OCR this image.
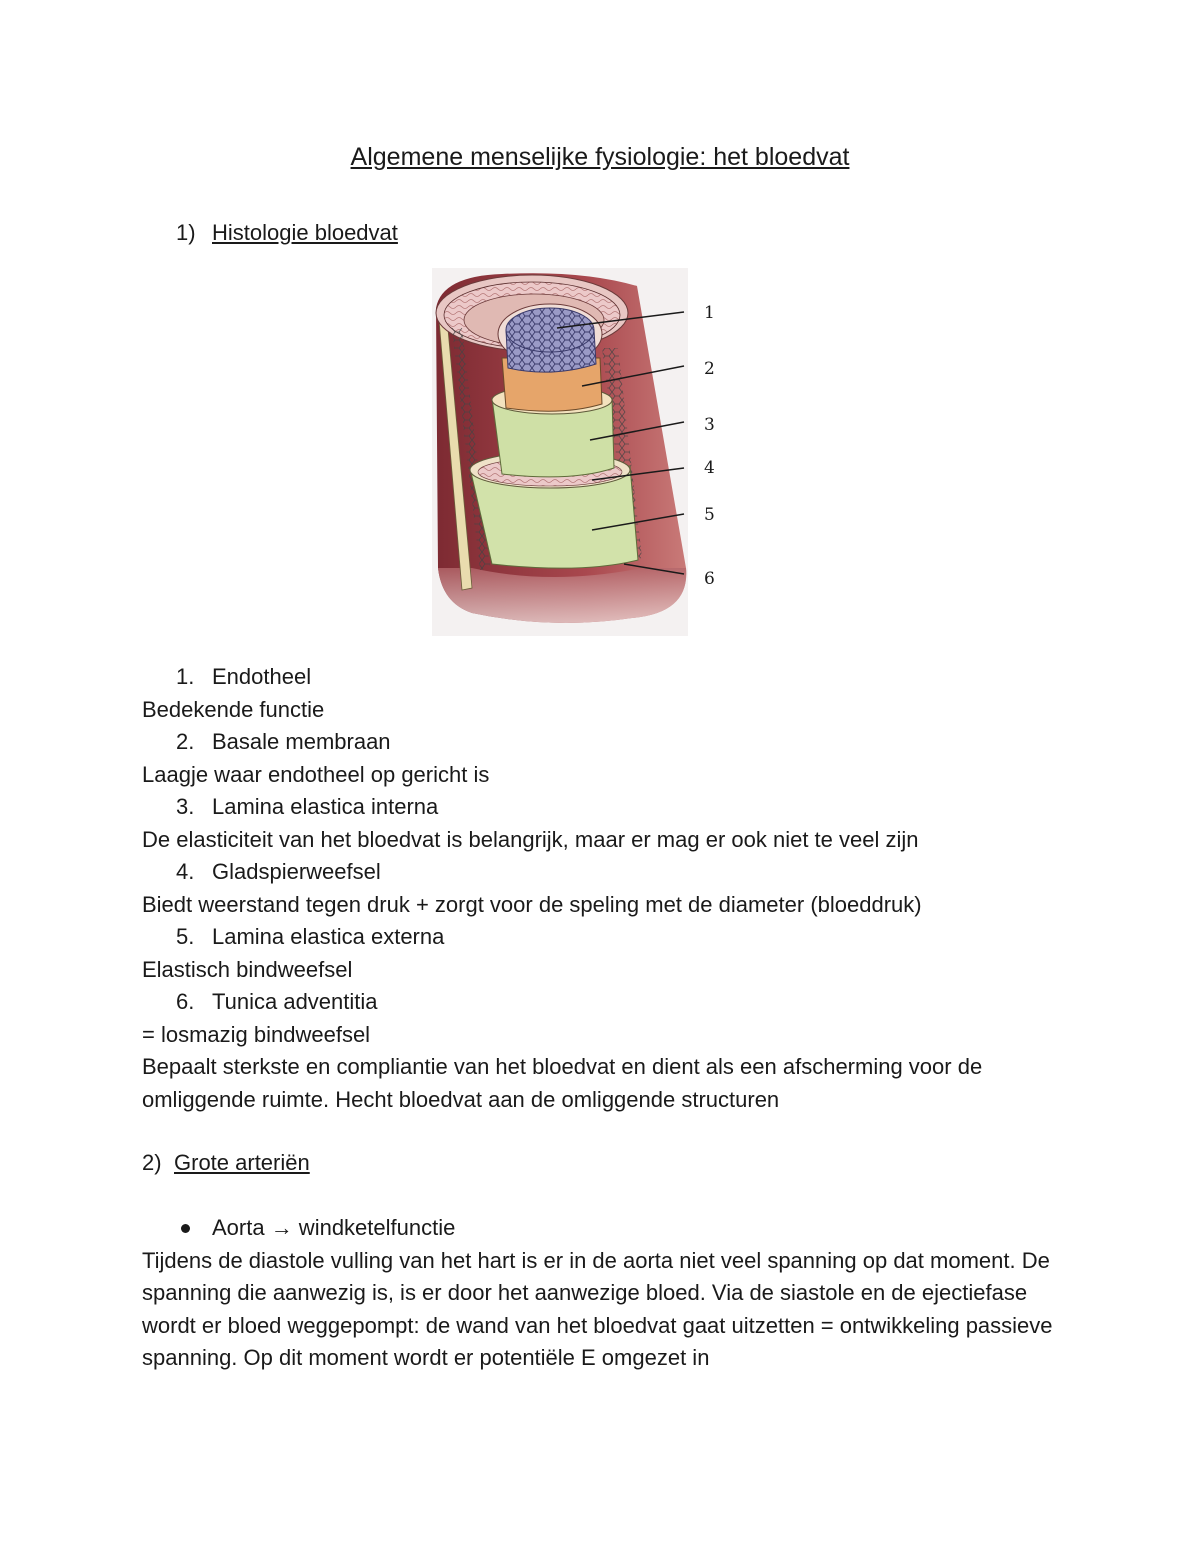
Algemene menselijke fysiologie: het bloedvat
1) Histologie bloedvat
1
2
3
4
5
6
1. Endotheel

Bedekende functie

2. Basale membraan

Laagje waar endotheel op gericht is

3. Lamina elastica interna

De elasticiteit van het bloedvat is belangrijk, maar er mag er ook niet te veel zijn

4. Gladspierweefsel

Biedt weerstand tegen druk + zorgt voor de speling met de diameter (bloeddruk)

5. Lamina elastica externa

Elastisch bindweefsel

6. Tunica adventitia

= losmazig bindweefsel

Bepaalt sterkste en compliantie van het bloedvat en dient als een afscherming voor de omliggende ruimte. Hecht bloedvat aan de omliggende structuren

2) Grote arteriën
Aorta → windketelfunctie

Tijdens de diastole vulling van het hart is er in de aorta niet veel spanning op dat moment. De spanning die aanwezig is, is er door het aanwezige bloed. Via de siastole en de ejectiefase wordt er bloed weggepompt: de wand van het bloedvat gaat uitzetten = ontwikkeling passieve spanning. Op dit moment wordt er potentiële E omgezet in
